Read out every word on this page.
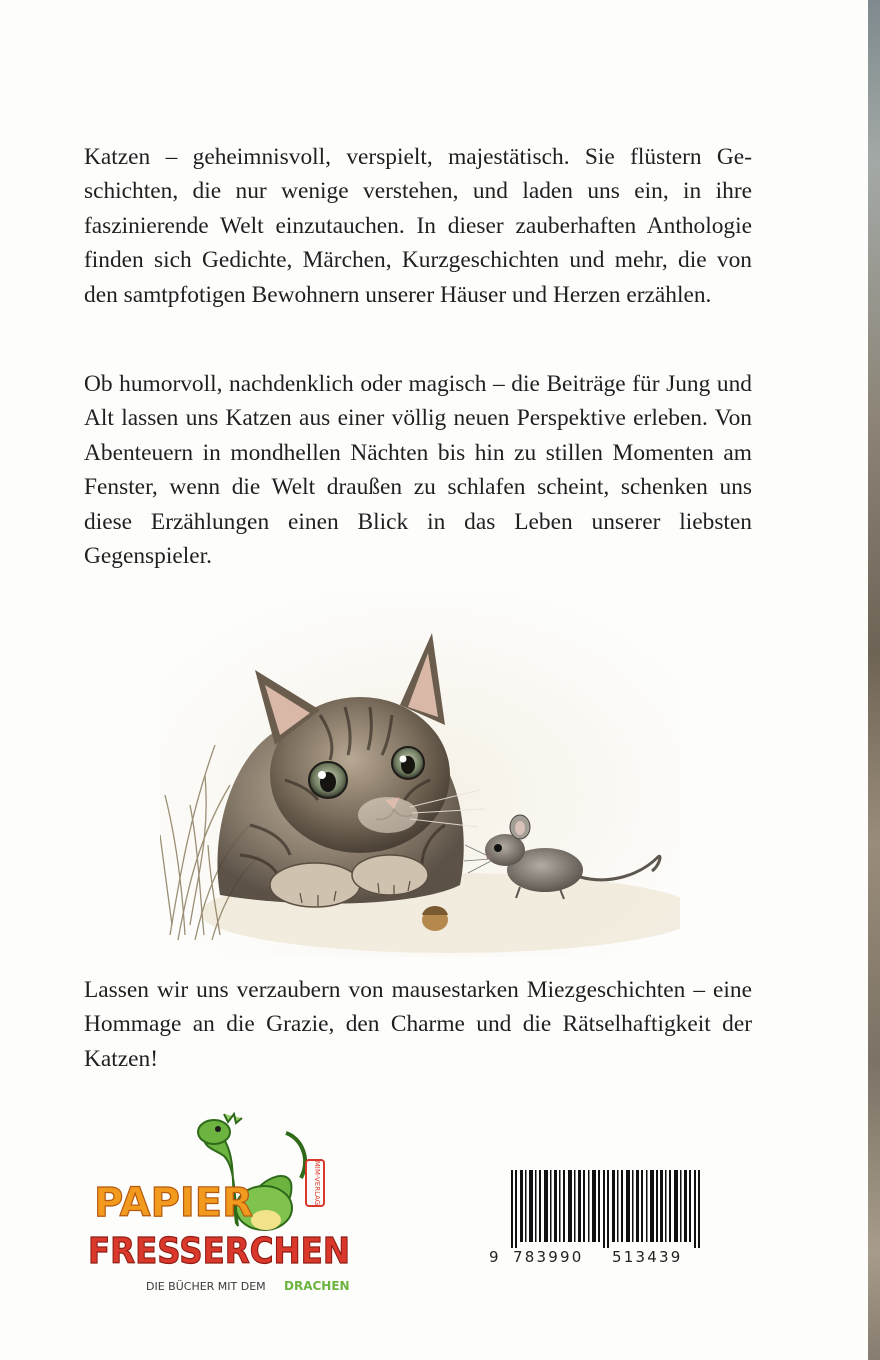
Katzen – geheimnisvoll, verspielt, majestätisch. Sie flüstern Geschichten, die nur wenige verstehen, und laden uns ein, in ihre faszinierende Welt einzutauchen. In dieser zauberhaften Anthologie finden sich Gedichte, Märchen, Kurzgeschichten und mehr, die von den samtpfotigen Bewohnern unserer Häuser und Herzen erzählen.

Ob humorvoll, nachdenklich oder magisch – die Beiträge für Jung und Alt lassen uns Katzen aus einer völlig neuen Perspektive erleben. Von Abenteuern in mondhellen Nächten bis hin zu stillen Momenten am Fenster, wenn die Welt draußen zu schlafen scheint, schenken uns diese Erzählungen einen Blick in das Leben unserer liebsten Gegenspieler.

Lassen wir uns verzaubern von mausestarken Miezgeschichten – eine Hommage an die Grazie, den Charme und die Rätselhaftigkeit der Katzen!

MIM-VERLAG
PAPIER
FRESSERCHEN
DIE BÜCHER MIT DEM DRACHEN
9 783990 513439
